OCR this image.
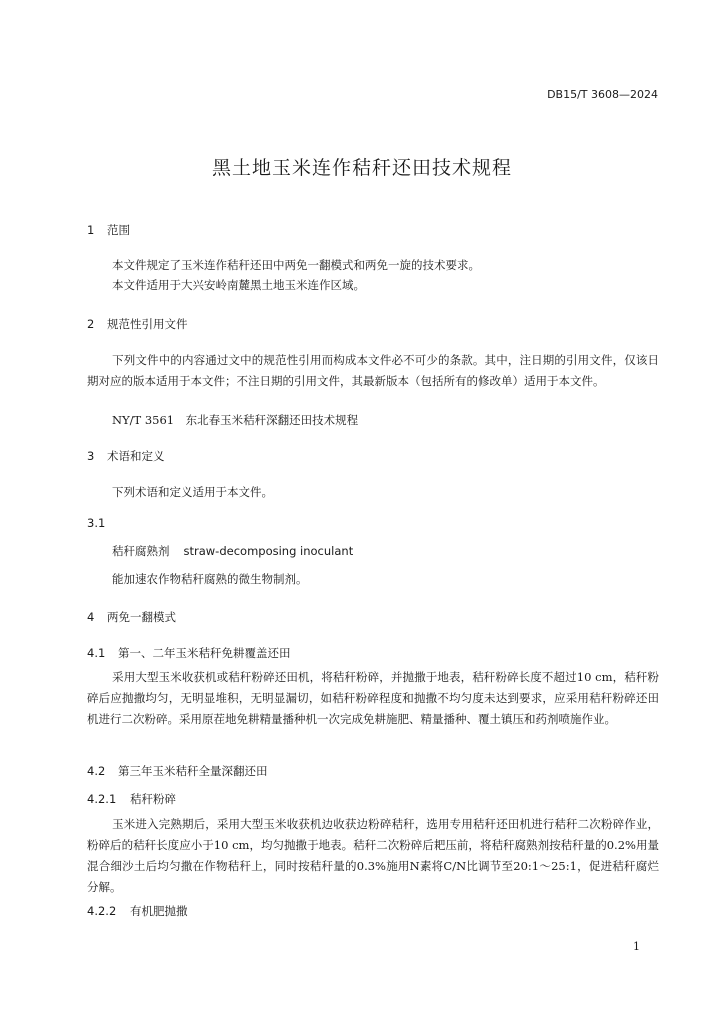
DB15/T 3608—2024
黑土地玉米连作秸秆还田技术规程
1 范围
本文件规定了玉米连作秸秆还田中两免一翻模式和两免一旋的技术要求。
本文件适用于大兴安岭南麓黑土地玉米连作区域。
2 规范性引用文件
下列文件中的内容通过文中的规范性引用而构成本文件必不可少的条款。其中，注日期的引用文件，仅该日期对应的版本适用于本文件；不注日期的引用文件，其最新版本（包括所有的修改单）适用于本文件。
NY/T 3561　东北春玉米秸秆深翻还田技术规程
3 术语和定义
下列术语和定义适用于本文件。
3.1
秸秆腐熟剂 straw-decomposing inoculant
能加速农作物秸秆腐熟的微生物制剂。
4 两免一翻模式
4.1 第一、二年玉米秸秆免耕覆盖还田
采用大型玉米收获机或秸秆粉碎还田机，将秸秆粉碎，并抛撒于地表，秸秆粉碎长度不超过10 cm，秸秆粉碎后应抛撒均匀，无明显堆积，无明显漏切，如秸秆粉碎程度和抛撒不均匀度未达到要求，应采用秸秆粉碎还田机进行二次粉碎。采用原茬地免耕精量播种机一次完成免耕施肥、精量播种、覆土镇压和药剂喷施作业。
4.2 第三年玉米秸秆全量深翻还田
4.2.1 秸秆粉碎
玉米进入完熟期后，采用大型玉米收获机边收获边粉碎秸秆，选用专用秸秆还田机进行秸秆二次粉碎作业，粉碎后的秸秆长度应小于10 cm，均匀抛撒于地表。秸秆二次粉碎后耙压前，将秸秆腐熟剂按秸秆量的0.2%用量混合细沙土后均匀撒在作物秸秆上，同时按秸秆量的0.3%施用N素将C/N比调节至20:1～25:1，促进秸秆腐烂分解。
4.2.2 有机肥抛撒
1
